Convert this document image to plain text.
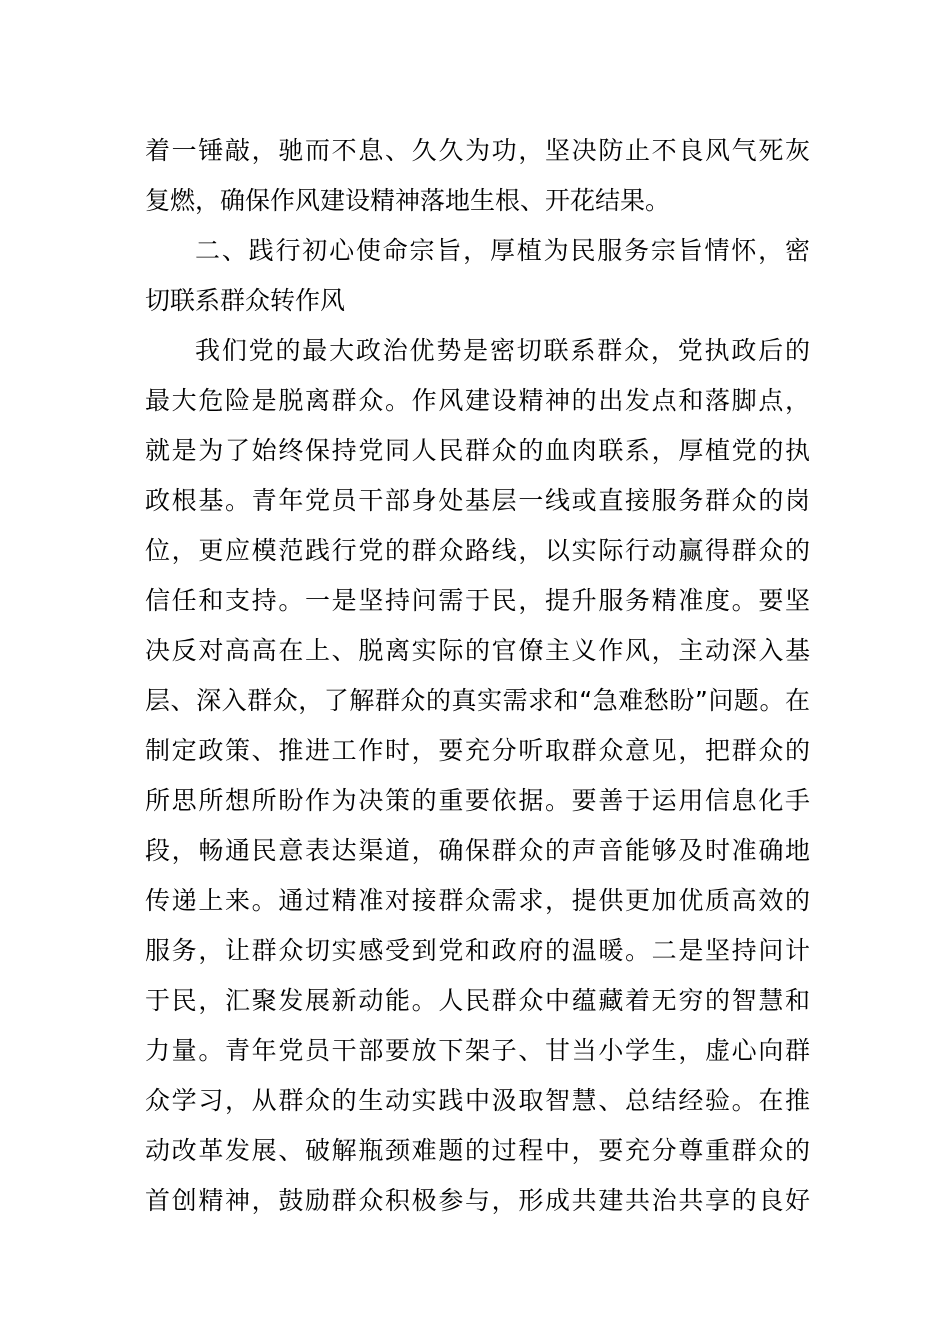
着一锤敲，驰而不息、久久为功，坚决防止不良风气死灰
复燃，确保作风建设精神落地生根、开花结果。
二、践行初心使命宗旨，厚植为民服务宗旨情怀，密
切联系群众转作风
我们党的最大政治优势是密切联系群众，党执政后的
最大危险是脱离群众。作风建设精神的出发点和落脚点，
就是为了始终保持党同人民群众的血肉联系，厚植党的执
政根基。青年党员干部身处基层一线或直接服务群众的岗
位，更应模范践行党的群众路线，以实际行动赢得群众的
信任和支持。一是坚持问需于民，提升服务精准度。要坚
决反对高高在上、脱离实际的官僚主义作风，主动深入基
层、深入群众，了解群众的真实需求和“急难愁盼”问题。在
制定政策、推进工作时，要充分听取群众意见，把群众的
所思所想所盼作为决策的重要依据。要善于运用信息化手
段，畅通民意表达渠道，确保群众的声音能够及时准确地
传递上来。通过精准对接群众需求，提供更加优质高效的
服务，让群众切实感受到党和政府的温暖。二是坚持问计
于民，汇聚发展新动能。人民群众中蕴藏着无穷的智慧和
力量。青年党员干部要放下架子、甘当小学生，虚心向群
众学习，从群众的生动实践中汲取智慧、总结经验。在推
动改革发展、破解瓶颈难题的过程中，要充分尊重群众的
首创精神，鼓励群众积极参与，形成共建共治共享的良好
